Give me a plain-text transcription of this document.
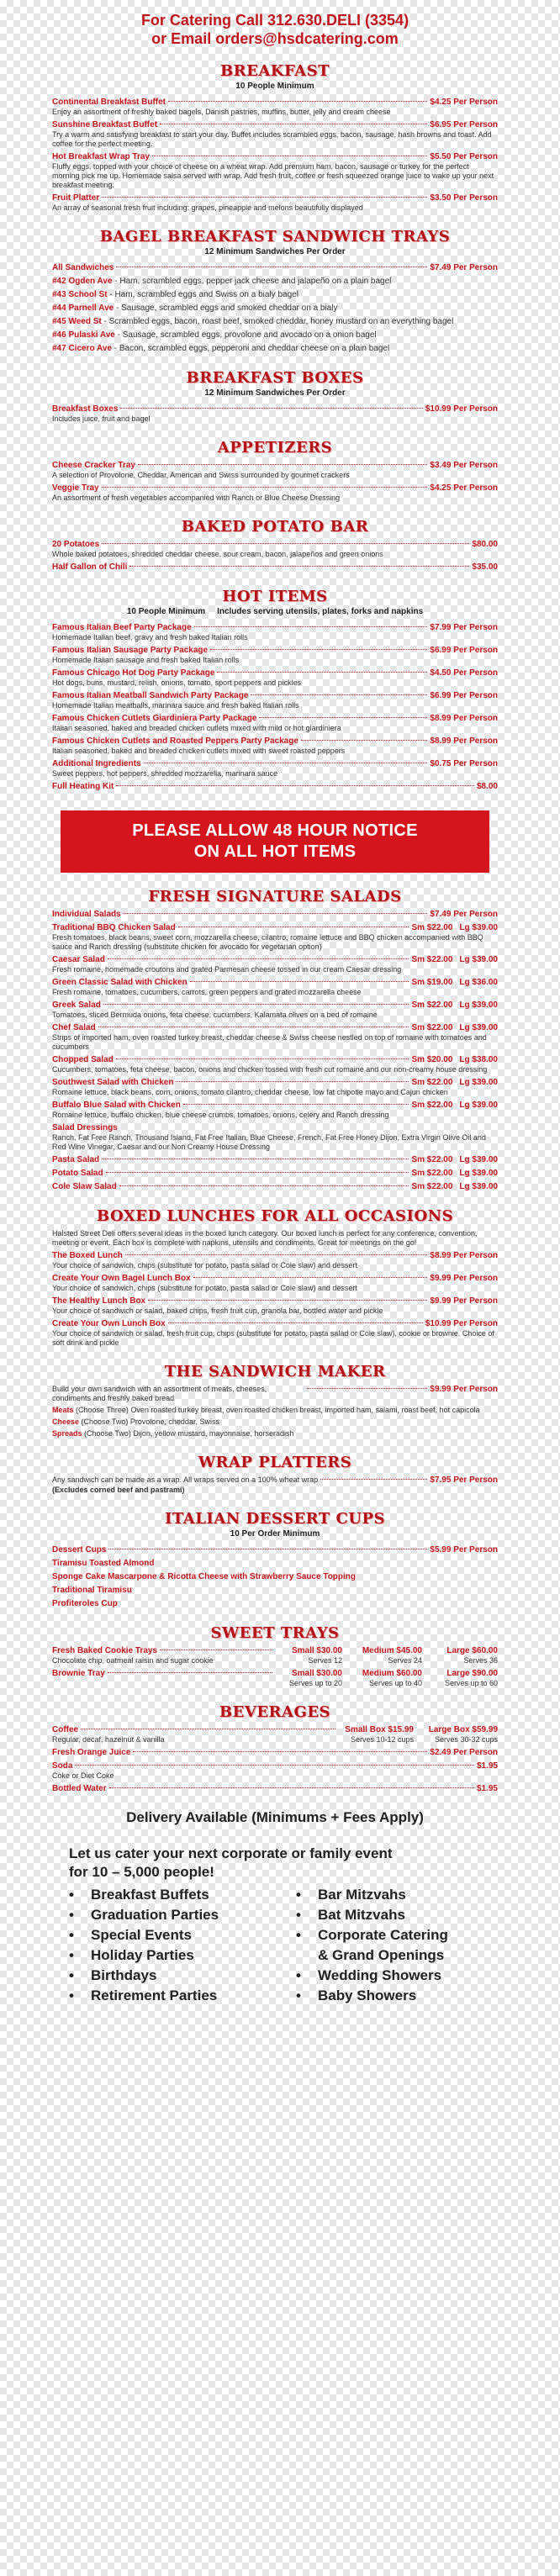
For Catering Call 312.630.DELI (3354)
or Email orders@hsdcatering.com
BREAKFAST
10 People Minimum
Continental Breakfast Buffet	$4.25 Per Person
Enjoy an assortment of freshly baked bagels, Danish pastries, muffins, butter, jelly and cream cheese
Sunshine Breakfast Buffet	$6.95 Per Person
Try a warm and satisfying breakfast to start your day. Buffet includes scrambled eggs, bacon, sausage, hash browns and toast. Add coffee for the perfect meeting.
Hot Breakfast Wrap Tray	$5.50 Per Person
Fluffy eggs, topped with your choice of cheese on a wheat wrap. Add premium ham, bacon, sausage or turkey for the perfect morning pick me up. Homemade salsa served with wrap. Add fresh fruit, coffee or fresh squeezed orange juice to wake up your next breakfast meeting.
Fruit Platter	$3.50 Per Person
An array of seasonal fresh fruit including: grapes, pineapple and melons beautifully displayed
BAGEL BREAKFAST SANDWICH TRAYS
12 Minimum Sandwiches Per Order
All Sandwiches	$7.49 Per Person
#42 Ogden Ave - Ham, scrambled eggs, pepper jack cheese and jalapeño on a plain bagel
#43 School St - Ham, scrambled eggs and Swiss on a bialy bagel
#44 Parnell Ave - Sausage, scrambled eggs and smoked cheddar on a bialy
#45 Weed St - Scrambled eggs, bacon, roast beef, smoked cheddar, honey mustard on an everything bagel
#46 Pulaski Ave - Sausage, scrambled eggs, provolone and avocado on a onion bagel
#47 Cicero Ave - Bacon, scrambled eggs, pepperoni and cheddar cheese on a plain bagel
BREAKFAST BOXES
12 Minimum Sandwiches Per Order
Breakfast Boxes	$10.99 Per Person
Includes juice, fruit and bagel
APPETIZERS
Cheese Cracker Tray	$3.49 Per Person
A selection of Provolone, Cheddar, American and Swiss surrounded by gourmet crackers
Veggie Tray	$4.25 Per Person
An assortment of fresh vegetables accompanied with Ranch or Blue Cheese Dressing
BAKED POTATO BAR
20 Potatoes	$80.00
Whole baked potatoes, shredded cheddar cheese, sour cream, bacon, jalapeños and green onions
Half Gallon of Chili	$35.00
HOT ITEMS
10 People Minimum     Includes serving utensils, plates, forks and napkins
Famous Italian Beef Party Package	$7.99 Per Person
Homemade Italian beef, gravy and fresh baked Italian rolls
Famous Italian Sausage Party Package	$6.99 Per Person
Homemade Italian sausage and fresh baked Italian rolls
Famous Chicago Hot Dog Party Package	$4.50 Per Person
Hot dogs, buns, mustard, relish, onions, tomato, sport peppers and pickles
Famous Italian Meatball Sandwich Party Package	$6.99 Per Person
Homemade Italian meatballs, marinara sauce and fresh baked Italian rolls
Famous Chicken Cutlets Giardiniera Party Package	$8.99 Per Person
Italian seasoned, baked and breaded chicken cutlets mixed with mild or hot giardiniera
Famous Chicken Cutlets and Roasted Peppers Party Package	$8.99 Per Person
Italian seasoned, baked and breaded chicken cutlets mixed with sweet roasted peppers
Additional Ingredients	$0.75 Per Person
Sweet peppers, hot peppers, shredded mozzarella, marinara sauce
Full Heating Kit	$8.00
PLEASE ALLOW 48 HOUR NOTICE
ON ALL HOT ITEMS
FRESH SIGNATURE SALADS
Individual Salads	$7.49 Per Person
Traditional BBQ Chicken Salad	Sm $22.00 Lg $39.00
Fresh tomatoes, black beans, sweet corn, mozzarella cheese, cilantro, romaine lettuce and BBQ chicken accompanied with BBQ sauce and Ranch dressing (substitute chicken for avocado for vegetarian option)
Caesar Salad	Sm $22.00 Lg $39.00
Fresh romaine, homemade croutons and grated Parmesan cheese tossed in our cream Caesar dressing
Green Classic Salad with Chicken	Sm $19.00 Lg $36.00
Fresh romaine, tomatoes, cucumbers, carrots, green peppers and grated mozzarella cheese
Greek Salad	Sm $22.00 Lg $39.00
Tomatoes, sliced Bermuda onions, feta cheese, cucumbers, Kalamata olives on a bed of romaine
Chef Salad	Sm $22.00 Lg $39.00
Strips of imported ham, oven roasted turkey breast, cheddar cheese & Swiss cheese nestled on top of romaine with tomatoes and cucumbers
Chopped Salad	Sm $20.00 Lg $38.00
Cucumbers, tomatoes, feta cheese, bacon, onions and chicken tossed with fresh cut romaine and our non-creamy house dressing
Southwest Salad with Chicken	Sm $22.00 Lg $39.00
Romaine lettuce, black beans, corn, onions, tomato cilantro, cheddar cheese, low fat chipotle mayo and Cajun chicken
Buffalo Blue Salad with Chicken	Sm $22.00 Lg $39.00
Romaine lettuce, buffalo chicken, blue cheese crumbs, tomatoes, onions, celery and Ranch dressing
Salad Dressings
Ranch, Fat Free Ranch, Thousand Island, Fat Free Italian, Blue Cheese, French, Fat Free Honey Dijon, Extra Virgin Olive Oil and Red Wine Vinegar, Caesar and our Non Creamy House Dressing
Pasta Salad	Sm $22.00 Lg $39.00
Potato Salad	Sm $22.00 Lg $39.00
Cole Slaw Salad	Sm $22.00 Lg $39.00
BOXED LUNCHES FOR ALL OCCASIONS
Halsted Street Deli offers several ideas in the boxed lunch category. Our boxed lunch is perfect for any conference, convention, meeting or event. Each box is complete with napkins, utensils and condiments. Great for meetings on the go!
The Boxed Lunch	$8.99 Per Person
Your choice of sandwich, chips (substitute for potato, pasta salad or Cole slaw) and dessert
Create Your Own Bagel Lunch Box	$9.99 Per Person
Your choice of sandwich, chips (substitute for potato, pasta salad or Cole slaw) and dessert
The Healthy Lunch Box	$9.99 Per Person
Your choice of sandwich or salad, baked chips, fresh fruit cup, granola bar, bottled water and pickle
Create Your Own Lunch Box	$10.99 Per Person
Your choice of sandwich or salad, fresh fruit cup, chips (substitute for potato, pasta salad or Cole slaw), cookie or brownie. Choice of soft drink and pickle
THE SANDWICH MAKER
Build your own sandwich with an assortment of meats, cheeses, condiments and freshly baked bread
$9.99 Per Person
Meats (Choose Three) Oven roasted turkey breast, oven roasted chicken breast, imported ham, salami, roast beef, hot capicola
Cheese (Choose Two) Provolone, cheddar, Swiss
Spreads (Choose Two) Dijon, yellow mustard, mayonnaise, horseradish
WRAP PLATTERS
Any sandwich can be made as a wrap. All wraps served on a 100% wheat wrap	$7.95 Per Person
(Excludes corned beef and pastrami)
ITALIAN DESSERT CUPS
10 Per Order Minimum
Dessert Cups	$5.99 Per Person
Tiramisu Toasted Almond
Sponge Cake Mascarpone & Ricotta Cheese with Strawberry Sauce Topping
Traditional Tiramisu
Profiteroles Cup
SWEET TRAYS
Fresh Baked Cookie Trays	Small $30.00	Medium $45.00	Large $60.00
Chocolate chip, oatmeal raisin and sugar cookie	Serves 12	Serves 24	Serves 36
Brownie Tray	Small $30.00	Medium $60.00	Large $90.00
Serves up to 20	Serves up to 40	Serves up to 60
BEVERAGES
Coffee	Small Box $15.99	Large Box $59.99
Regular, decaf, hazelnut & vanilla	Serves 10-12 cups	Serves 30-32 cups
Fresh Orange Juice	$2.49 Per Person
Soda	$1.95
Coke or Diet Coke
Bottled Water	$1.95
Delivery Available (Minimums + Fees Apply)
Let us cater your next corporate or family event
for 10 – 5,000 people!
•	Breakfast Buffets
•	Graduation Parties
•	Special Events
•	Holiday Parties
•	Birthdays
•	Retirement Parties
•	Bar Mitzvahs
•	Bat Mitzvahs
•	Corporate Catering
& Grand Openings
•	Wedding Showers
•	Baby Showers
